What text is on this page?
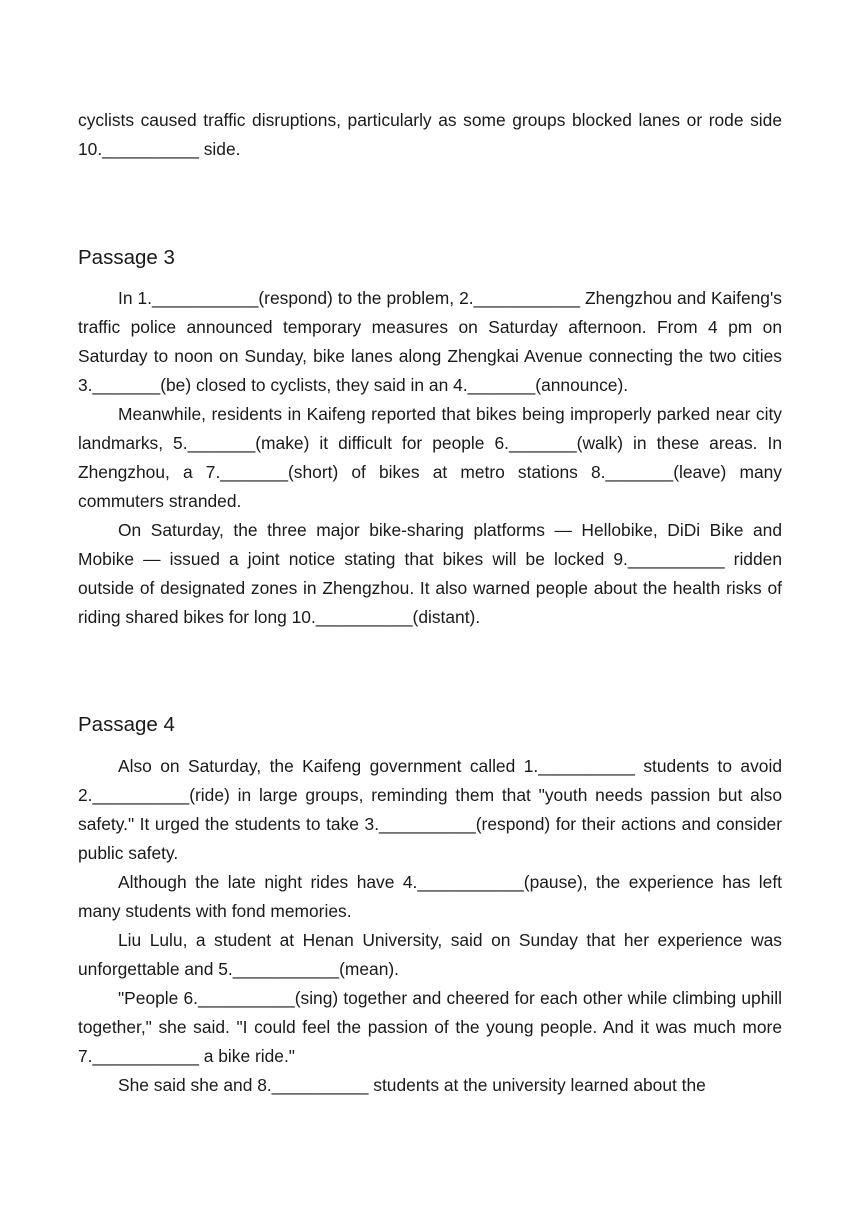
cyclists caused traffic disruptions, particularly as some groups blocked lanes or rode side 10.__________ side.

Passage 3

In 1.___________(respond) to the problem, 2.___________ Zhengzhou and Kaifeng's traffic police announced temporary measures on Saturday afternoon. From 4 pm on Saturday to noon on Sunday, bike lanes along Zhengkai Avenue connecting the two cities 3._______(be) closed to cyclists, they said in an 4._______(announce).

Meanwhile, residents in Kaifeng reported that bikes being improperly parked near city landmarks, 5._______(make) it difficult for people 6._______(walk) in these areas. In Zhengzhou, a 7._______(short) of bikes at metro stations 8._______(leave) many commuters stranded.

On Saturday, the three major bike-sharing platforms — Hellobike, DiDi Bike and Mobike — issued a joint notice stating that bikes will be locked 9.__________ ridden outside of designated zones in Zhengzhou. It also warned people about the health risks of riding shared bikes for long 10.__________(distant).

Passage 4

Also on Saturday, the Kaifeng government called 1.__________ students to avoid 2.__________(ride) in large groups, reminding them that "youth needs passion but also safety." It urged the students to take 3.__________(respond) for their actions and consider public safety.

Although the late night rides have 4.___________(pause), the experience has left many students with fond memories.

Liu Lulu, a student at Henan University, said on Sunday that her experience was unforgettable and 5.___________(mean).

"People 6.__________(sing) together and cheered for each other while climbing uphill together," she said. "I could feel the passion of the young people. And it was much more 7.___________ a bike ride."

She said she and 8.__________ students at the university learned about the
